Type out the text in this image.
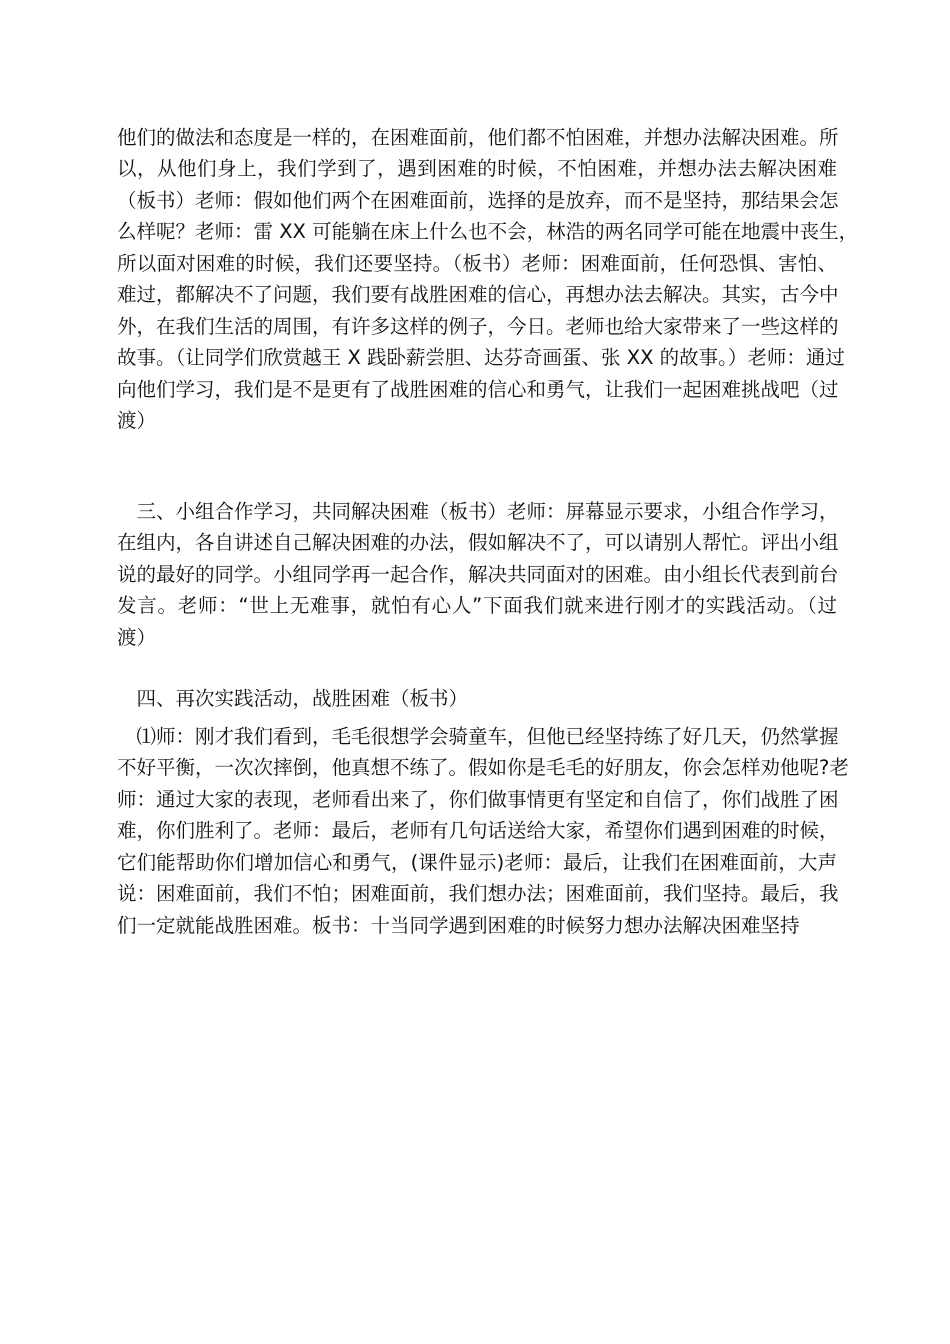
他们的做法和态度是一样的，在困难面前，他们都不怕困难，并想办法解决困难。所
以，从他们身上，我们学到了，遇到困难的时候，不怕困难，并想办法去解决困难
（板书）老师：假如他们两个在困难面前，选择的是放弃，而不是坚持，那结果会怎
么样呢？老师：雷 XX 可能躺在床上什么也不会，林浩的两名同学可能在地震中丧生，
所以面对困难的时候，我们还要坚持。（板书）老师：困难面前，任何恐惧、害怕、
难过，都解决不了问题，我们要有战胜困难的信心，再想办法去解决。其实，古今中
外，在我们生活的周围，有许多这样的例子，今日。老师也给大家带来了一些这样的
故事。（让同学们欣赏越王 X 践卧薪尝胆、达芬奇画蛋、张 XX 的故事。）老师：通过
向他们学习，我们是不是更有了战胜困难的信心和勇气，让我们一起困难挑战吧（过
渡）
　三、小组合作学习，共同解决困难（板书）老师：屏幕显示要求，小组合作学习，
在组内，各自讲述自己解决困难的办法，假如解决不了，可以请别人帮忙。评出小组
说的最好的同学。小组同学再一起合作，解决共同面对的困难。由小组长代表到前台
发言。老师：“世上无难事，就怕有心人”下面我们就来进行刚才的实践活动。（过
渡）
　四、再次实践活动，战胜困难（板书）
　⑴师：刚才我们看到，毛毛很想学会骑童车，但他已经坚持练了好几天，仍然掌握
不好平衡，一次次摔倒，他真想不练了。假如你是毛毛的好朋友，你会怎样劝他呢?老
师：通过大家的表现，老师看出来了，你们做事情更有坚定和自信了，你们战胜了困
难，你们胜利了。老师：最后，老师有几句话送给大家，希望你们遇到困难的时候，
它们能帮助你们增加信心和勇气，(课件显示)老师：最后，让我们在困难面前，大声
说：困难面前，我们不怕；困难面前，我们想办法；困难面前，我们坚持。最后，我
们一定就能战胜困难。板书：十当同学遇到困难的时候努力想办法解决困难坚持
